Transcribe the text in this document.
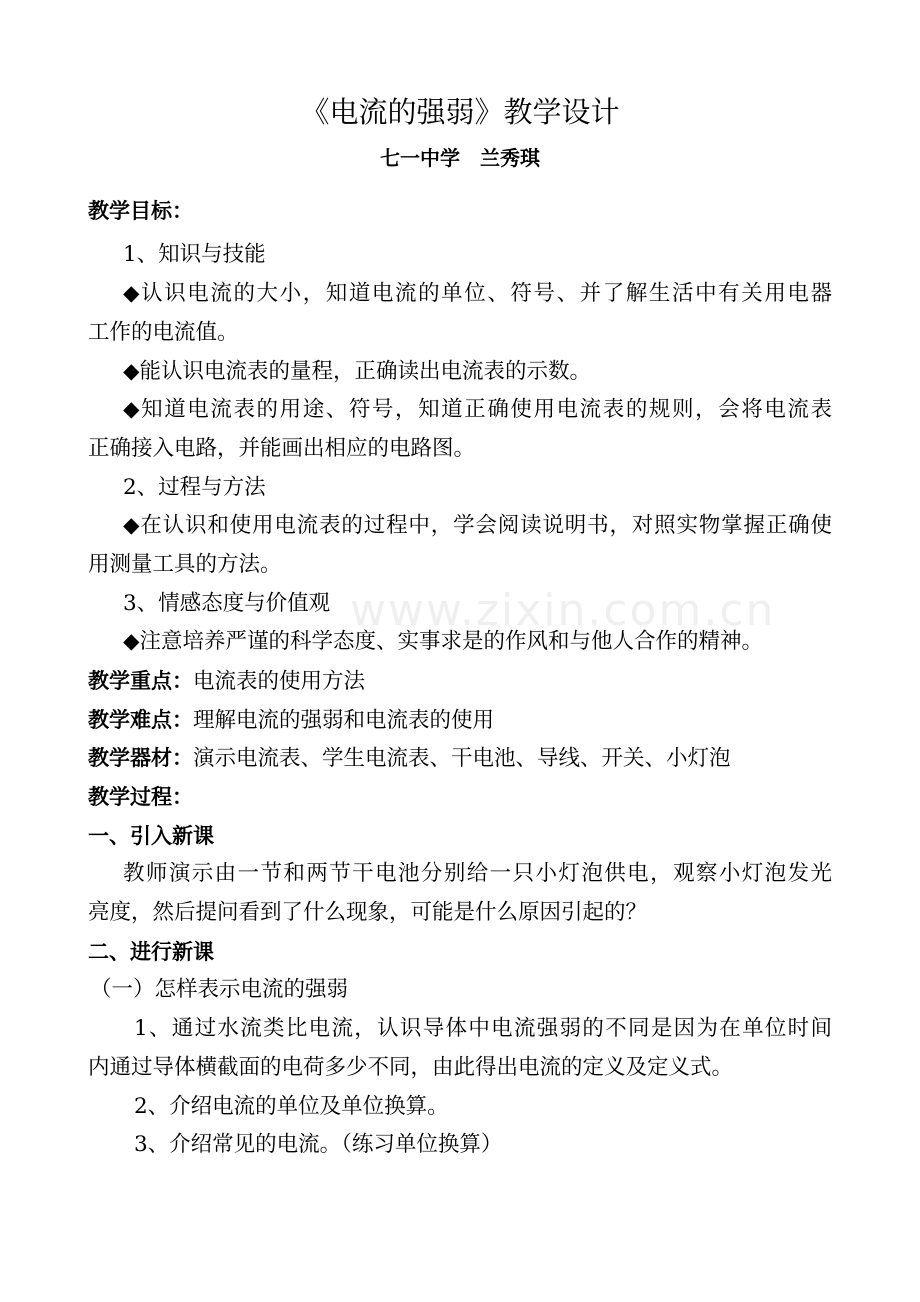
www.zixin.com.cn
《电流的强弱》教学设计
七一中学　兰秀琪
教学目标：
1、知识与技能
◆认识电流的大小，知道电流的单位、符号、并了解生活中有关用电器
工作的电流值。
◆能认识电流表的量程，正确读出电流表的示数。
◆知道电流表的用途、符号，知道正确使用电流表的规则，会将电流表
正确接入电路，并能画出相应的电路图。
2、过程与方法
◆在认识和使用电流表的过程中，学会阅读说明书，对照实物掌握正确使
用测量工具的方法。
3、情感态度与价值观
◆注意培养严谨的科学态度、实事求是的作风和与他人合作的精神。
教学重点：电流表的使用方法
教学难点：理解电流的强弱和电流表的使用
教学器材：演示电流表、学生电流表、干电池、导线、开关、小灯泡
教学过程：
一、引入新课
教师演示由一节和两节干电池分别给一只小灯泡供电，观察小灯泡发光
亮度，然后提问看到了什么现象，可能是什么原因引起的？
二、进行新课
（一）怎样表示电流的强弱
1、通过水流类比电流，认识导体中电流强弱的不同是因为在单位时间
内通过导体横截面的电荷多少不同，由此得出电流的定义及定义式。
2、介绍电流的单位及单位换算。
3、介绍常见的电流。（练习单位换算）
